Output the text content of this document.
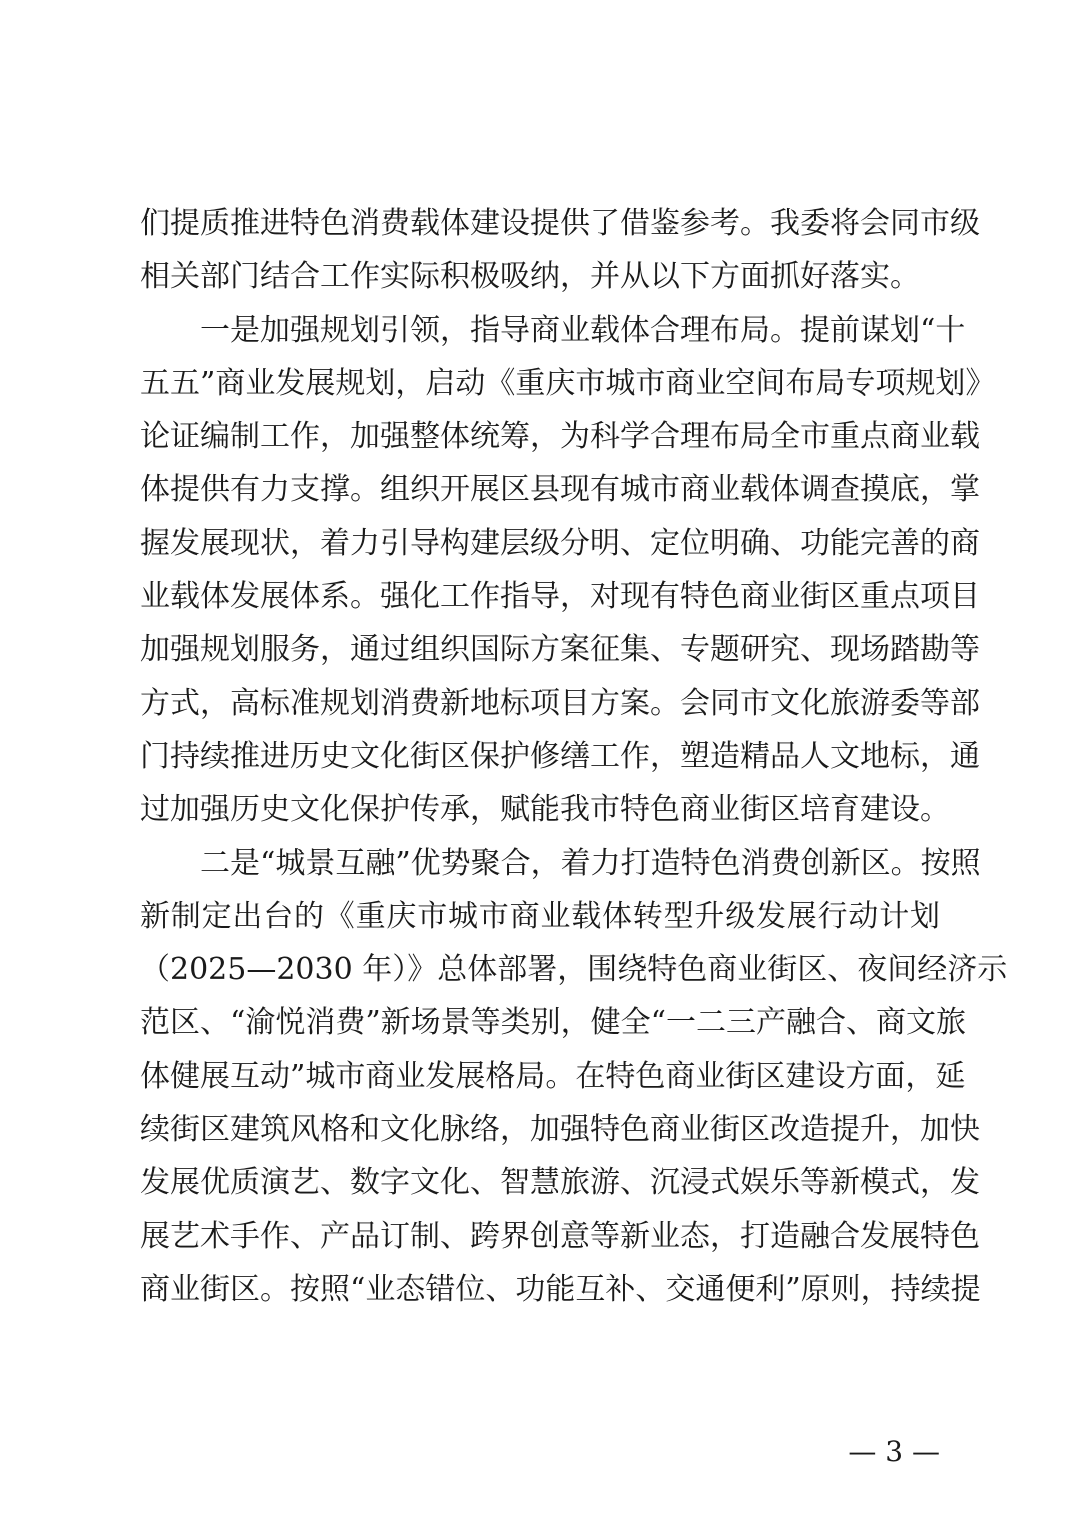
们提质推进特色消费载体建设提供了借鉴参考。我委将会同市级
相关部门结合工作实际积极吸纳，并从以下方面抓好落实。
一是加强规划引领，指导商业载体合理布局。提前谋划“十
五五”商业发展规划，启动《重庆市城市商业空间布局专项规划》
论证编制工作，加强整体统筹，为科学合理布局全市重点商业载
体提供有力支撑。组织开展区县现有城市商业载体调查摸底，掌
握发展现状，着力引导构建层级分明、定位明确、功能完善的商
业载体发展体系。强化工作指导，对现有特色商业街区重点项目
加强规划服务，通过组织国际方案征集、专题研究、现场踏勘等
方式，高标准规划消费新地标项目方案。会同市文化旅游委等部
门持续推进历史文化街区保护修缮工作，塑造精品人文地标，通
过加强历史文化保护传承，赋能我市特色商业街区培育建设。
二是“城景互融”优势聚合，着力打造特色消费创新区。按照
新制定出台的《重庆市城市商业载体转型升级发展行动计划
（2025—2030 年）》总体部署，围绕特色商业街区、夜间经济示
范区、“渝悦消费”新场景等类别，健全“一二三产融合、商文旅
体健展互动”城市商业发展格局。在特色商业街区建设方面，延
续街区建筑风格和文化脉络，加强特色商业街区改造提升，加快
发展优质演艺、数字文化、智慧旅游、沉浸式娱乐等新模式，发
展艺术手作、产品订制、跨界创意等新业态，打造融合发展特色
商业街区。按照“业态错位、功能互补、交通便利”原则，持续提
— 3 —
